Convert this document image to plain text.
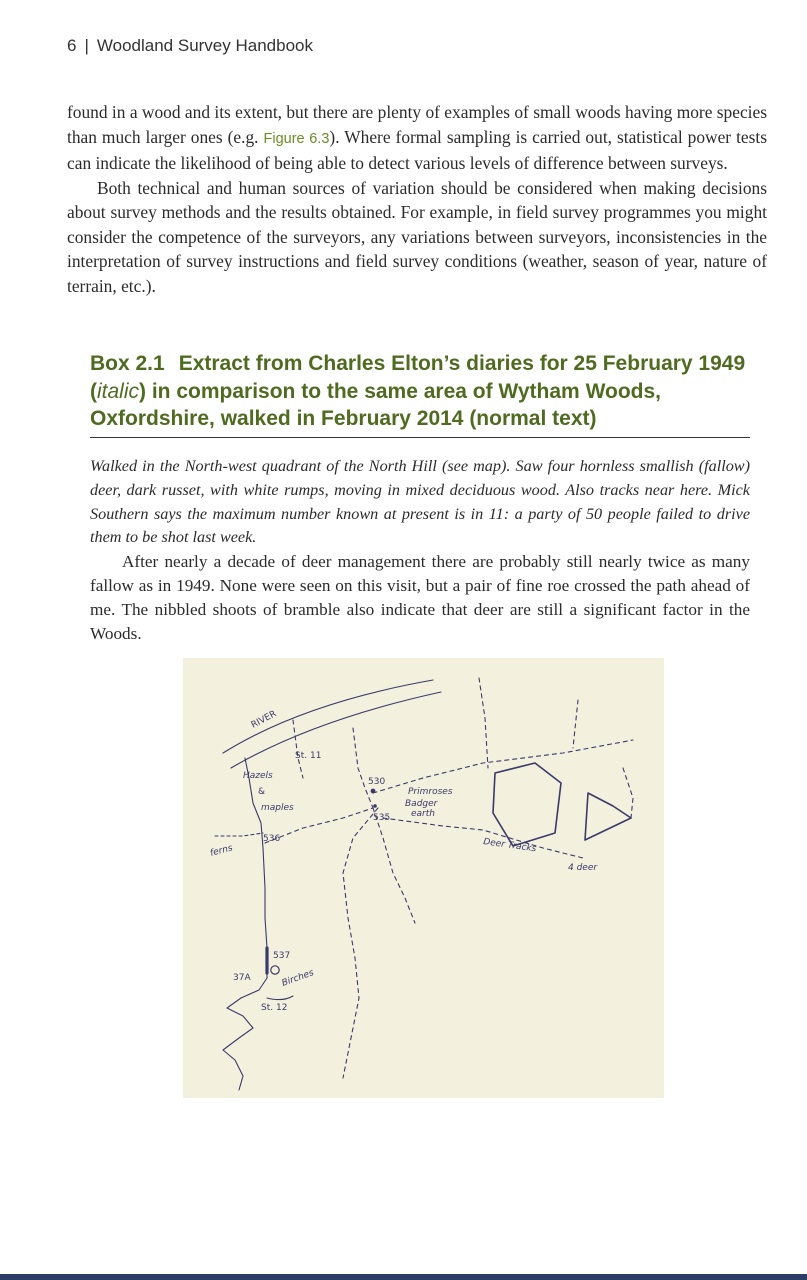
6 | Woodland Survey Handbook

found in a wood and its extent, but there are plenty of examples of small woods having more species than much larger ones (e.g. Figure 6.3). Where formal sampling is carried out, statistical power tests can indicate the likelihood of being able to detect various levels of difference between surveys.

Both technical and human sources of variation should be considered when making decisions about survey methods and the results obtained. For example, in field survey programmes you might consider the competence of the surveyors, any variations between surveyors, inconsistencies in the interpretation of survey instructions and field survey conditions (weather, season of year, nature of terrain, etc.).

Box 2.1 Extract from Charles Elton’s diaries for 25 February 1949 (italic) in comparison to the same area of Wytham Woods, Oxfordshire, walked in February 2014 (normal text)

Walked in the North-west quadrant of the North Hill (see map). Saw four hornless smallish (fallow) deer, dark russet, with white rumps, moving in mixed deciduous wood. Also tracks near here. Mick Southern says the maximum number known at present is in 11: a party of 50 people failed to drive them to be shot last week.

After nearly a decade of deer management there are probably still nearly twice as many fallow as in 1949. None were seen on this visit, but a pair of fine roe crossed the path ahead of me. The nibbled shoots of bramble also indicate that deer are still a significant factor in the Woods.

RIVER
St. 11
Hazels
&
maples
530
Primroses
Badger
earth
535
536
ferns	Deer Tracks
4 deer
537
37A	Birches
St. 12
